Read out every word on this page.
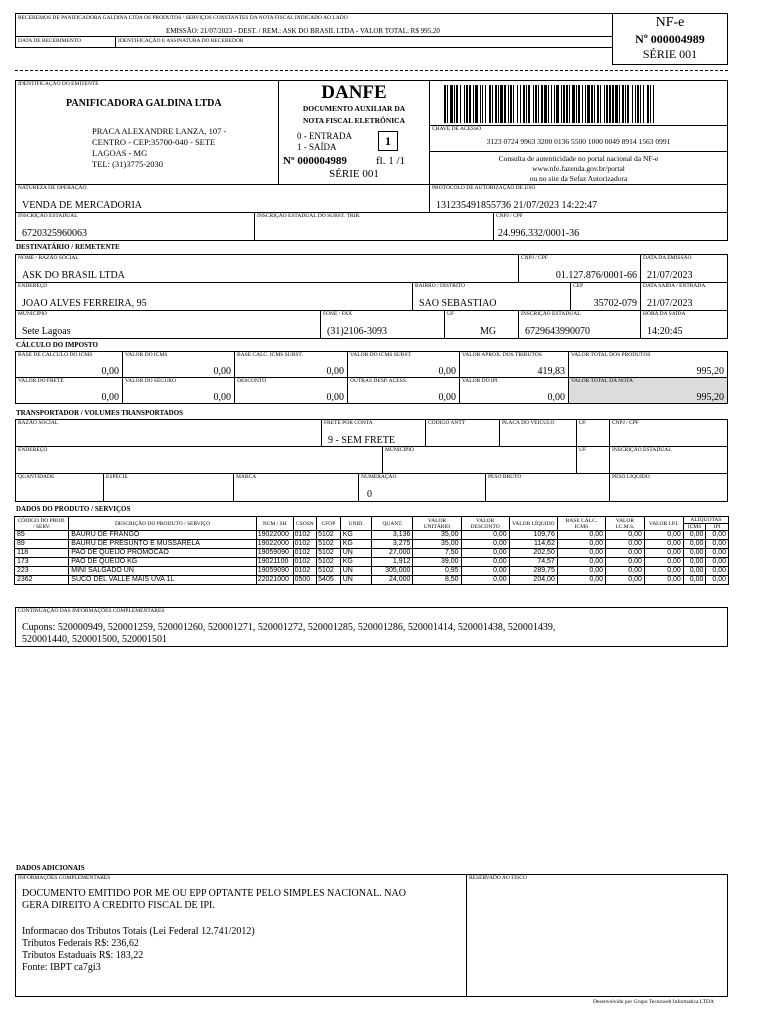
RECEBEMOS DE PANIFICADORA GALDINA LTDA OS PRODUTOS / SERVIÇOS CONSTANTES DA NOTA FISCAL INDICADO AO LADO
EMISSÃO: 21/07/2023 - DEST. / REM.: ASK DO BRASIL LTDA - VALOR TOTAL: R$ 995,20
DATA DE RECEBIMENTO	IDENTIFICAÇÃO E ASSINATURA DO RECEBEDOR
NF-e
Nº 000004989
SÉRIE 001
IDENTIFICAÇÃO DO EMITENTE
PANIFICADORA GALDINA LTDA
PRACA ALEXANDRE LANZA, 107 -
CENTRO - CEP:35700-040 - SETE
LAGOAS - MG
TEL: (31)3775-2030
DANFE
DOCUMENTO AUXILIAR DA
NOTA FISCAL ELETRÔNICA
0 - ENTRADA
1 - SAÍDA	1
Nº 000004989	fl. 1 /1
SÉRIE 001
CHAVE DE ACESSO
3123 0724 9963 3200 0136 5500 1000 0049 8914 1563 0991
Consulta de autenticidade no portal nacional da NF-e
www.nfe.fazenda.gov.br/portal
ou no site da Sefaz Autorizadora
NATUREZA DE OPERAÇÃO
VENDA DE MERCADORIA
PROTOCOLO DE AUTORIZAÇÃO DE USO
131235491855736 21/07/2023 14:22:47
INSCRIÇÃO ESTADUAL
6720325960063
INSCRIÇÃO ESTADUAL DO SUBST. TRIB.	CNPJ / CPF
24.996.332/0001-36
DESTINATÁRIO / REMETENTE
NOME / RAZÃO SOCIAL
ASK DO BRASIL LTDA
CNPJ / CPF
01.127.876/0001-66
DATA DA EMISSÃO
21/07/2023
ENDEREÇO
JOAO ALVES FERREIRA, 95
BAIRRO / DISTRITO
SAO SEBASTIAO
CEP
35702-079
DATA SAÍDA / ENTRADA
21/07/2023
MUNICÍPIO
Sete Lagoas
FONE / FAX
(31)2106-3093
UF
MG
INSCRIÇÃO ESTADUAL
6729643990070
HORA DA SAÍDA
14:20:45
CÁLCULO DO IMPOSTO
BASE DE CÁLCULO DO ICMS
0,00
VALOR DO ICMS
0,00
BASE CALC. ICMS SUBST.
0,00
VALOR DO ICMS SUBST.
0,00
VALOR APROX. DOS TRIBUTOS
419,83
VALOR TOTAL DOS PRODUTOS
995,20
VALOR DO FRETE
0,00
VALOR DO SEGURO
0,00
DESCONTO
0,00
OUTRAS DESP. ACESS.
0,00
VALOR DO IPI
0,00
VALOR TOTAL DA NOTA
995,20
TRANSPORTADOR / VOLUMES TRANSPORTADOS
RAZÃO SOCIAL	FRETE POR CONTA
9 - SEM FRETE
CÓDIGO ANTT	PLACA DO VEÍCULO	UF	CNPJ / CPF
ENDEREÇO	MUNICÍPIO	UF	INSCRIÇÃO ESTADUAL
QUANTIDADE	ESPÉCIE	MARCA	NUMERAÇÃO
0
PESO BRUTO	PESO LÍQUIDO
DADOS DO PRODUTO / SERVIÇOS
CÓDIGO DO PROD. / SERV.	DESCRIÇÃO DO PRODUTO / SERVIÇO	NCM / SH	CSOSN	CFOP	UNID.	QUANT.	VALOR UNITÁRIO	VALOR DESCONTO	VALOR LÍQUIDO	BASE CÁLC. ICMS	VALOR I.C.M.S.	VALOR I.P.I.	ALÍQUOTAS	
													ICMS	IPI
85	BAURU DE FRANGO	19022000	0102	5102	KG	3,136	35,00	0,00	109,76	0,00	0,00	0,00	0,00	0,00
89	BAURU DE PRESUNTO E MUSSARELA	19022000	0102	5102	KG	3,275	35,00	0,00	114,62	0,00	0,00	0,00	0,00	0,00
118	PAO DE QUEIJO PROMOCAO	19059090	0102	5102	UN	27,000	7,50	0,00	202,50	0,00	0,00	0,00	0,00	0,00
173	PAO DE QUEIJO KG	19021100	0102	5102	KG	1,912	39,00	0,00	74,57	0,00	0,00	0,00	0,00	0,00
223	MINI SALGADO UN	19059090	0102	5102	UN	305,000	0,95	0,00	289,75	0,00	0,00	0,00	0,00	0,00
2362	SUCO DEL VALLE MAIS UVA 1L	22021000	0500	5405	UN	24,000	8,50	0,00	204,00	0,00	0,00	0,00	0,00	0,00
CONTINUAÇÃO DAS INFORMAÇÕES COMPLEMENTARES
Cupons: 520000949, 520001259, 520001260, 520001271, 520001272, 520001285, 520001286, 520001414, 520001438, 520001439,
520001440, 520001500, 520001501
DADOS ADICIONAIS
INFORMAÇÕES COMPLEMENTARES
DOCUMENTO EMITIDO POR ME OU EPP OPTANTE PELO SIMPLES NACIONAL. NAO
GERA DIREITO A CREDITO FISCAL DE IPI.
Informacao dos Tributos Totais (Lei Federal 12.741/2012)
Tributos Federais R$: 236,62
Tributos Estaduais R$: 183,22
Fonte: IBPT ca7gi3
RESERVADO AO FISCO
Desenvolvido por Grupo Tecnoweb Informatica LTDA
